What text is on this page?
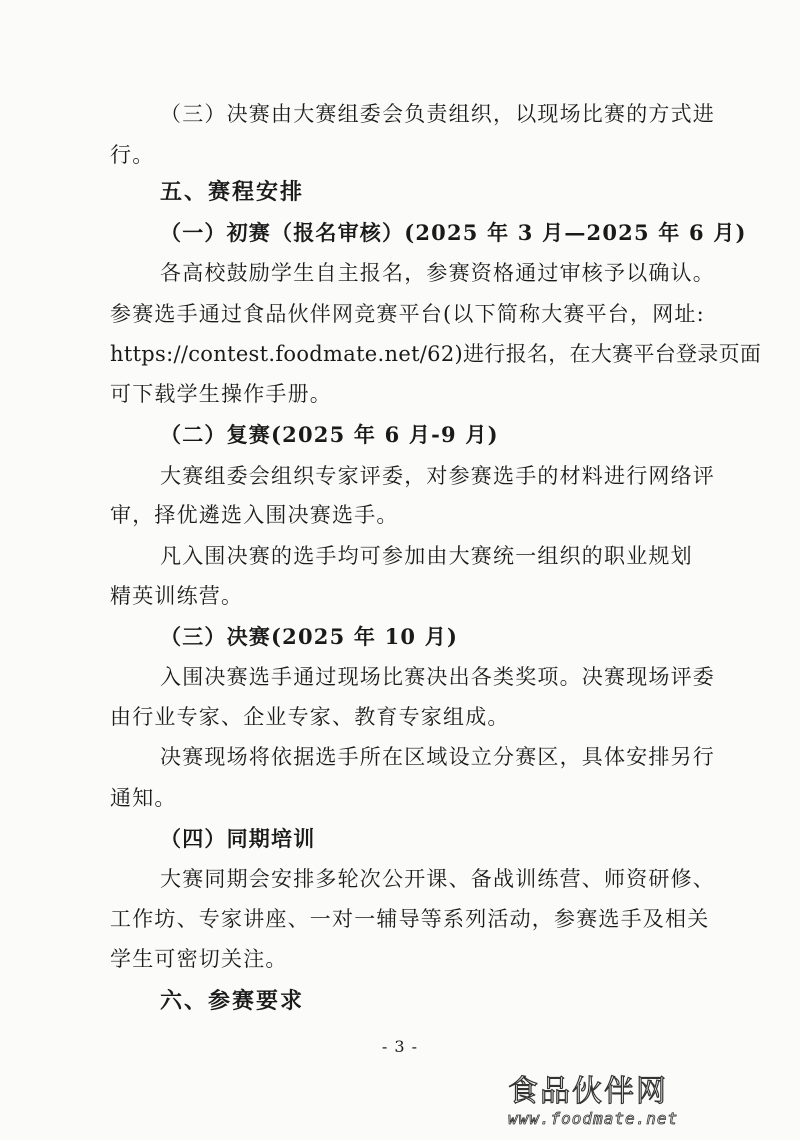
（三）决赛由大赛组委会负责组织，以现场比赛的方式进
行。
五、赛程安排
（一）初赛（报名审核）(2025 年 3 月—2025 年 6 月)
各高校鼓励学生自主报名，参赛资格通过审核予以确认。
参赛选手通过食品伙伴网竞赛平台(以下简称大赛平台，网址:
https://contest.foodmate.net/62)进行报名，在大赛平台登录页面
可下载学生操作手册。
（二）复赛(2025 年 6 月-9 月)
大赛组委会组织专家评委，对参赛选手的材料进行网络评
审，择优遴选入围决赛选手。
凡入围决赛的选手均可参加由大赛统一组织的职业规划
精英训练营。
（三）决赛(2025 年 10 月)
入围决赛选手通过现场比赛决出各类奖项。决赛现场评委
由行业专家、企业专家、教育专家组成。
决赛现场将依据选手所在区域设立分赛区，具体安排另行
通知。
（四）同期培训
大赛同期会安排多轮次公开课、备战训练营、师资研修、
工作坊、专家讲座、一对一辅导等系列活动，参赛选手及相关
学生可密切关注。
六、参赛要求
- 3 -
食品伙伴网
www.foodmate.net
